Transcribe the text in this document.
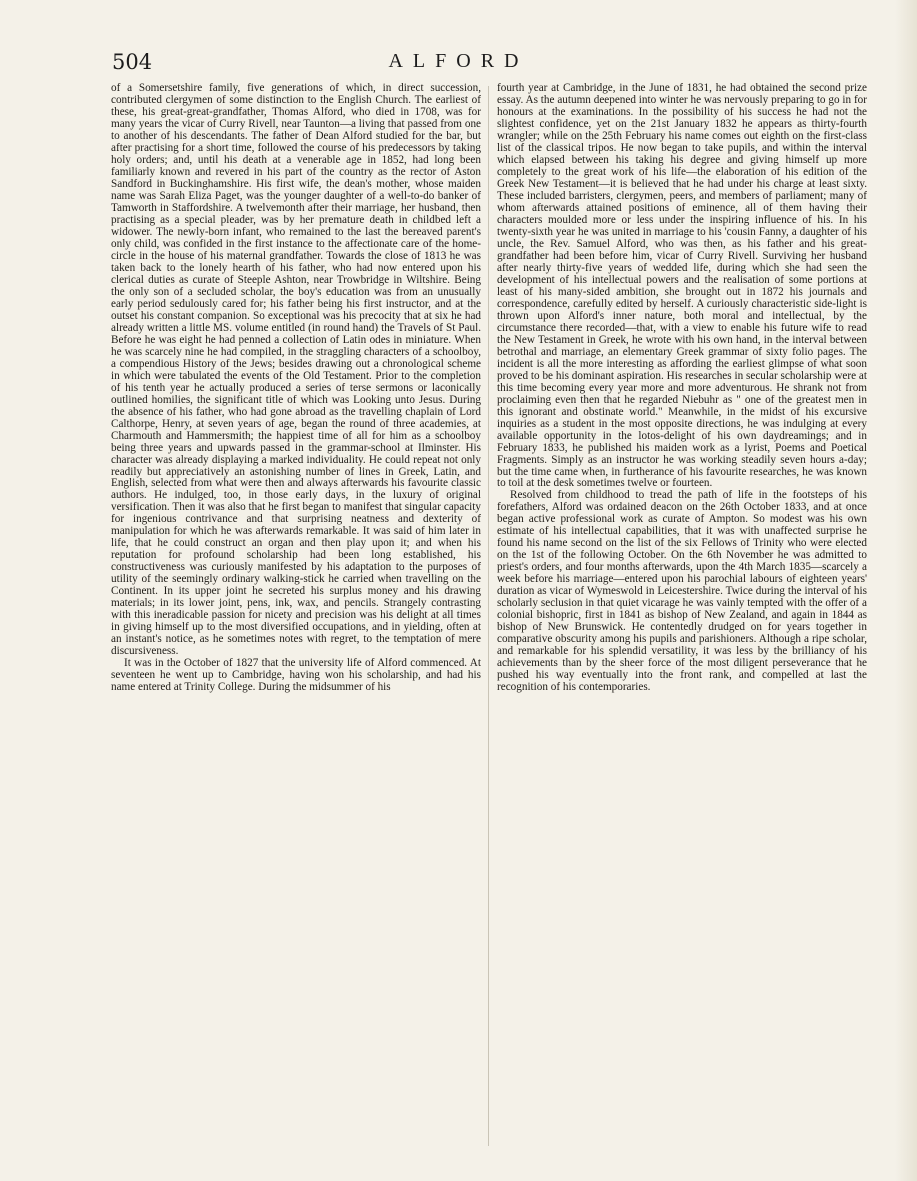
504	ALFORD

of a Somersetshire family, five generations of which, in direct succession, contributed clergymen of some distinction to the English Church. The earliest of these, his great-great-grandfather, Thomas Alford, who died in 1708, was for many years the vicar of Curry Rivell, near Taunton—a living that passed from one to another of his descendants. The father of Dean Alford studied for the bar, but after practising for a short time, followed the course of his predecessors by taking holy orders; and, until his death at a venerable age in 1852, had long been familiarly known and revered in his part of the country as the rector of Aston Sandford in Buckinghamshire. His first wife, the dean's mother, whose maiden name was Sarah Eliza Paget, was the younger daughter of a well-to-do banker of Tamworth in Staffordshire. A twelvemonth after their marriage, her husband, then practising as a special pleader, was by her premature death in childbed left a widower. The newly-born infant, who remained to the last the bereaved parent's only child, was confided in the first instance to the affectionate care of the home-circle in the house of his maternal grandfather. Towards the close of 1813 he was taken back to the lonely hearth of his father, who had now entered upon his clerical duties as curate of Steeple Ashton, near Trowbridge in Wiltshire. Being the only son of a secluded scholar, the boy's education was from an unusually early period sedulously cared for; his father being his first instructor, and at the outset his constant companion. So exceptional was his precocity that at six he had already written a little MS. volume entitled (in round hand) the Travels of St Paul. Before he was eight he had penned a collection of Latin odes in miniature. When he was scarcely nine he had compiled, in the straggling characters of a schoolboy, a compendious History of the Jews; besides drawing out a chronological scheme in which were tabulated the events of the Old Testament. Prior to the completion of his tenth year he actually produced a series of terse sermons or laconically outlined homilies, the significant title of which was Looking unto Jesus. During the absence of his father, who had gone abroad as the travelling chaplain of Lord Calthorpe, Henry, at seven years of age, began the round of three academies, at Charmouth and Hammersmith; the happiest time of all for him as a schoolboy being three years and upwards passed in the grammar-school at Ilminster. His character was already displaying a marked individuality. He could repeat not only readily but appreciatively an astonishing number of lines in Greek, Latin, and English, selected from what were then and always afterwards his favourite classic authors. He indulged, too, in those early days, in the luxury of original versification. Then it was also that he first began to manifest that singular capacity for ingenious contrivance and that surprising neatness and dexterity of manipulation for which he was afterwards remarkable. It was said of him later in life, that he could construct an organ and then play upon it; and when his reputation for profound scholarship had been long established, his constructiveness was curiously manifested by his adaptation to the purposes of utility of the seemingly ordinary walking-stick he carried when travelling on the Continent. In its upper joint he secreted his surplus money and his drawing materials; in its lower joint, pens, ink, wax, and pencils. Strangely contrasting with this ineradicable passion for nicety and precision was his delight at all times in giving himself up to the most diversified occupations, and in yielding, often at an instant's notice, as he sometimes notes with regret, to the temptation of mere discursiveness.

It was in the October of 1827 that the university life of Alford commenced. At seventeen he went up to Cambridge, having won his scholarship, and had his name entered at Trinity College. During the midsummer of his

fourth year at Cambridge, in the June of 1831, he had obtained the second prize essay. As the autumn deepened into winter he was nervously preparing to go in for honours at the examinations. In the possibility of his success he had not the slightest confidence, yet on the 21st January 1832 he appears as thirty-fourth wrangler; while on the 25th February his name comes out eighth on the first-class list of the classical tripos. He now began to take pupils, and within the interval which elapsed between his taking his degree and giving himself up more completely to the great work of his life—the elaboration of his edition of the Greek New Testament—it is believed that he had under his charge at least sixty. These included barristers, clergymen, peers, and members of parliament; many of whom afterwards attained positions of eminence, all of them having their characters moulded more or less under the inspiring influence of his. In his twenty-sixth year he was united in marriage to his 'cousin Fanny, a daughter of his uncle, the Rev. Samuel Alford, who was then, as his father and his great-grandfather had been before him, vicar of Curry Rivell. Surviving her husband after nearly thirty-five years of wedded life, during which she had seen the development of his intellectual powers and the realisation of some portions at least of his many-sided ambition, she brought out in 1872 his journals and correspondence, carefully edited by herself. A curiously characteristic side-light is thrown upon Alford's inner nature, both moral and intellectual, by the circumstance there recorded—that, with a view to enable his future wife to read the New Testament in Greek, he wrote with his own hand, in the interval between betrothal and marriage, an elementary Greek grammar of sixty folio pages. The incident is all the more interesting as affording the earliest glimpse of what soon proved to be his dominant aspiration. His researches in secular scholarship were at this time becoming every year more and more adventurous. He shrank not from proclaiming even then that he regarded Niebuhr as " one of the greatest men in this ignorant and obstinate world." Meanwhile, in the midst of his excursive inquiries as a student in the most opposite directions, he was indulging at every available opportunity in the lotos-delight of his own daydreamings; and in February 1833, he published his maiden work as a lyrist, Poems and Poetical Fragments. Simply as an instructor he was working steadily seven hours a-day; but the time came when, in furtherance of his favourite researches, he was known to toil at the desk sometimes twelve or fourteen.

Resolved from childhood to tread the path of life in the footsteps of his forefathers, Alford was ordained deacon on the 26th October 1833, and at once began active professional work as curate of Ampton. So modest was his own estimate of his intellectual capabilities, that it was with unaffected surprise he found his name second on the list of the six Fellows of Trinity who were elected on the 1st of the following October. On the 6th November he was admitted to priest's orders, and four months afterwards, upon the 4th March 1835—scarcely a week before his marriage—entered upon his parochial labours of eighteen years' duration as vicar of Wymeswold in Leicestershire. Twice during the interval of his scholarly seclusion in that quiet vicarage he was vainly tempted with the offer of a colonial bishopric, first in 1841 as bishop of New Zealand, and again in 1844 as bishop of New Brunswick. He contentedly drudged on for years together in comparative obscurity among his pupils and parishioners. Although a ripe scholar, and remarkable for his splendid versatility, it was less by the brilliancy of his achievements than by the sheer force of the most diligent perseverance that he pushed his way eventually into the front rank, and compelled at last the recognition of his contemporaries.
